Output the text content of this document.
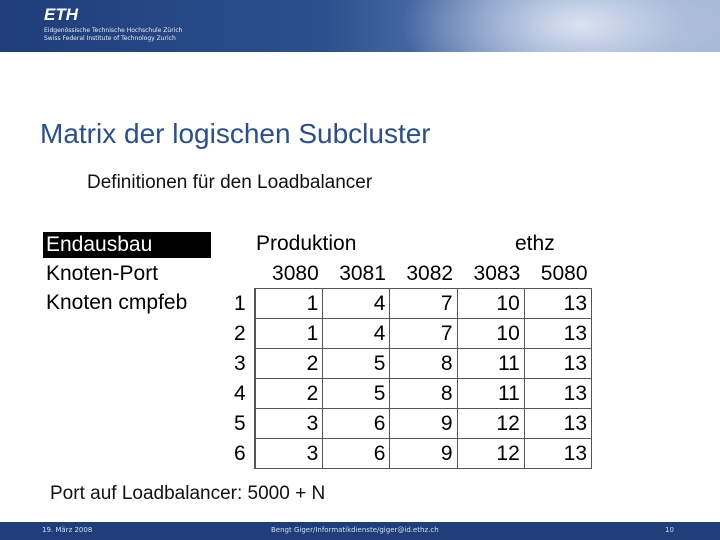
ETH
Eidgenössische Technische Hochschule Zürich
Swiss Federal Institute of Technology Zurich
Matrix der logischen Subcluster
Definitionen für den Loadbalancer
Endausbau
Knoten-Port
Knoten cmpfeb
Produktion	ethz
	3080	3081	3082	3083	5080
1	1	4	7	10	13
2	1	4	7	10	13
3	2	5	8	11	13
4	2	5	8	11	13
5	3	6	9	12	13
6	3	6	9	12	13
Port auf Loadbalancer: 5000 + N
19. März 2008	Bengt Giger/Informatikdienste/giger@id.ethz.ch	10
